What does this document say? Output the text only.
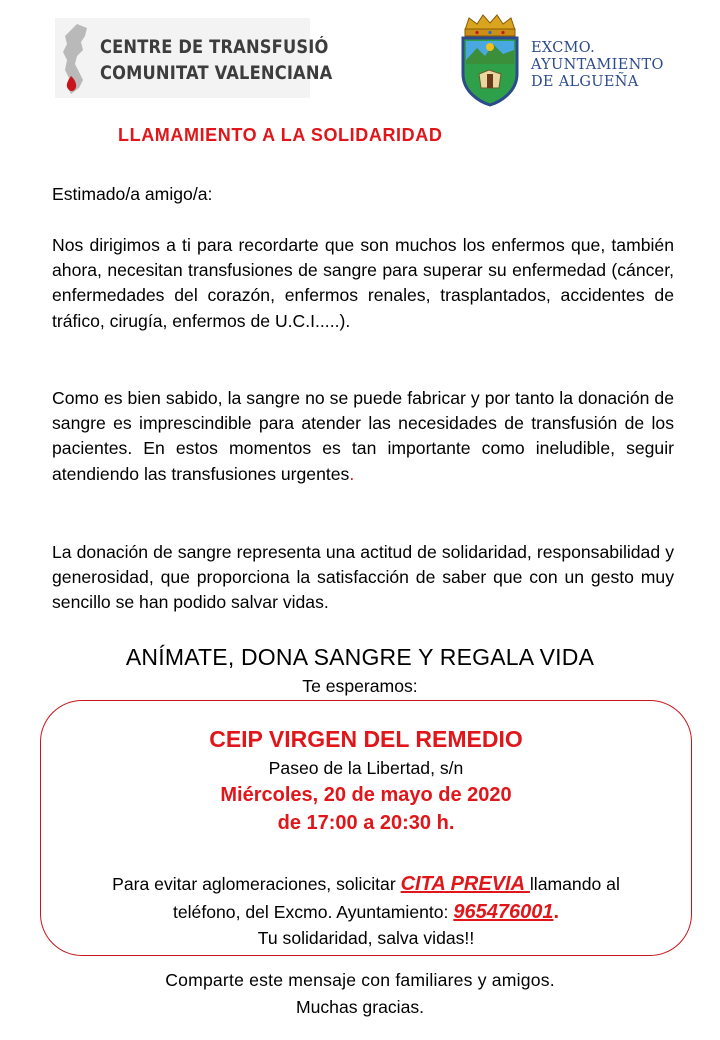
CENTRE DE TRANSFUSIÓ
COMUNITAT VALENCIANA
EXCMO.
AYUNTAMIENTO
DE ALGUEÑA
LLAMAMIENTO A LA SOLIDARIDAD
Estimado/a amigo/a:
Nos dirigimos a ti para recordarte que son muchos los enfermos que, también ahora, necesitan transfusiones de sangre para superar su enfermedad (cáncer, enfermedades del corazón, enfermos renales, trasplantados, accidentes de tráfico, cirugía, enfermos de U.C.I.....).
Como es bien sabido, la sangre no se puede fabricar y por tanto la donación de sangre es imprescindible para atender las necesidades de transfusión de los pacientes. En estos momentos es tan importante como ineludible, seguir atendiendo las transfusiones urgentes.
La donación de sangre representa una actitud de solidaridad, responsabilidad y generosidad, que proporciona la satisfacción de saber que con un gesto muy sencillo se han podido salvar vidas.
ANÍMATE, DONA SANGRE Y REGALA VIDA
Te esperamos:
CEIP VIRGEN DEL REMEDIO
Paseo de la Libertad, s/n
Miércoles, 20 de mayo de 2020
de 17:00 a 20:30 h.
Para evitar aglomeraciones, solicitar CITA PREVIA llamando al
teléfono, del Excmo. Ayuntamiento: 965476001.
Tu solidaridad, salva vidas!!
Comparte este mensaje con familiares y amigos.
Muchas gracias.
